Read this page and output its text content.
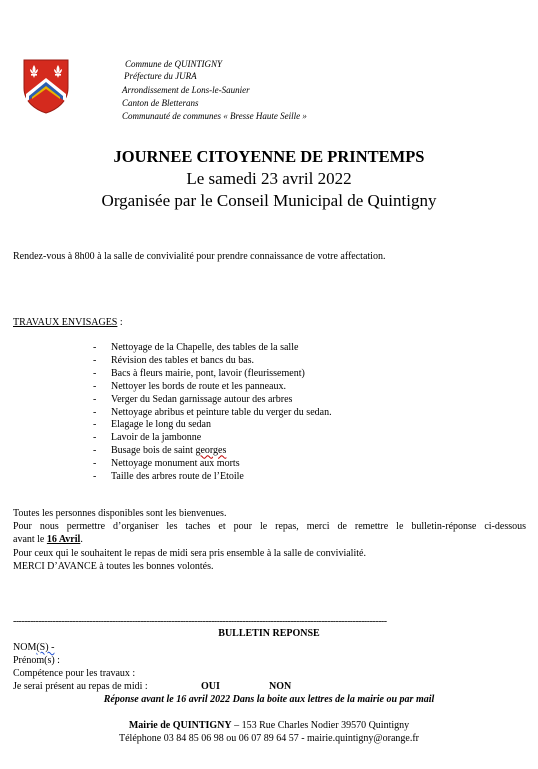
Commune de QUINTIGNY
Préfecture du JURA
Arrondissement de Lons-le-Saunier
Canton de Bletterans
Communauté de communes « Bresse Haute Seille »
JOURNEE CITOYENNE DE PRINTEMPS
Le samedi 23 avril 2022
Organisée par le Conseil Municipal de Quintigny
Rendez-vous à 8h00 à la salle de convivialité pour prendre connaissance de votre affectation.
TRAVAUX ENVISAGES :
- Nettoyage de la Chapelle, des tables de la salle
- Révision des tables et bancs du bas.
- Bacs à fleurs mairie, pont, lavoir (fleurissement)
- Nettoyer les bords de route et les panneaux.
- Verger du Sedan garnissage autour des arbres
- Nettoyage abribus et peinture table du verger du sedan.
- Elagage le long du sedan
- Lavoir de la jambonne
- Busage bois de saint georges
- Nettoyage monument aux morts
- Taille des arbres route de l’Etoile
Toutes les personnes disponibles sont les bienvenues.
Pour nous permettre d’organiser les taches et pour le repas, merci de remettre le bulletin-réponse ci-dessous
avant le 16 Avril.
Pour ceux qui le souhaitent le repas de midi sera pris ensemble à la salle de convivialité.
MERCI D’AVANCE à toutes les bonnes volontés.
------------------------------------------------------------------------------------------------------------------------------------
BULLETIN REPONSE
NOM(S) -
Prénom(s) :
Compétence pour les travaux :
Je serai présent au repas de midi :	OUI	NON
Réponse avant le 16 avril 2022 Dans la boite aux lettres de la mairie ou par mail
Mairie de QUINTIGNY – 153 Rue Charles Nodier 39570 Quintigny
Téléphone 03 84 85 06 98 ou 06 07 89 64 57 - mairie.quintigny@orange.fr
